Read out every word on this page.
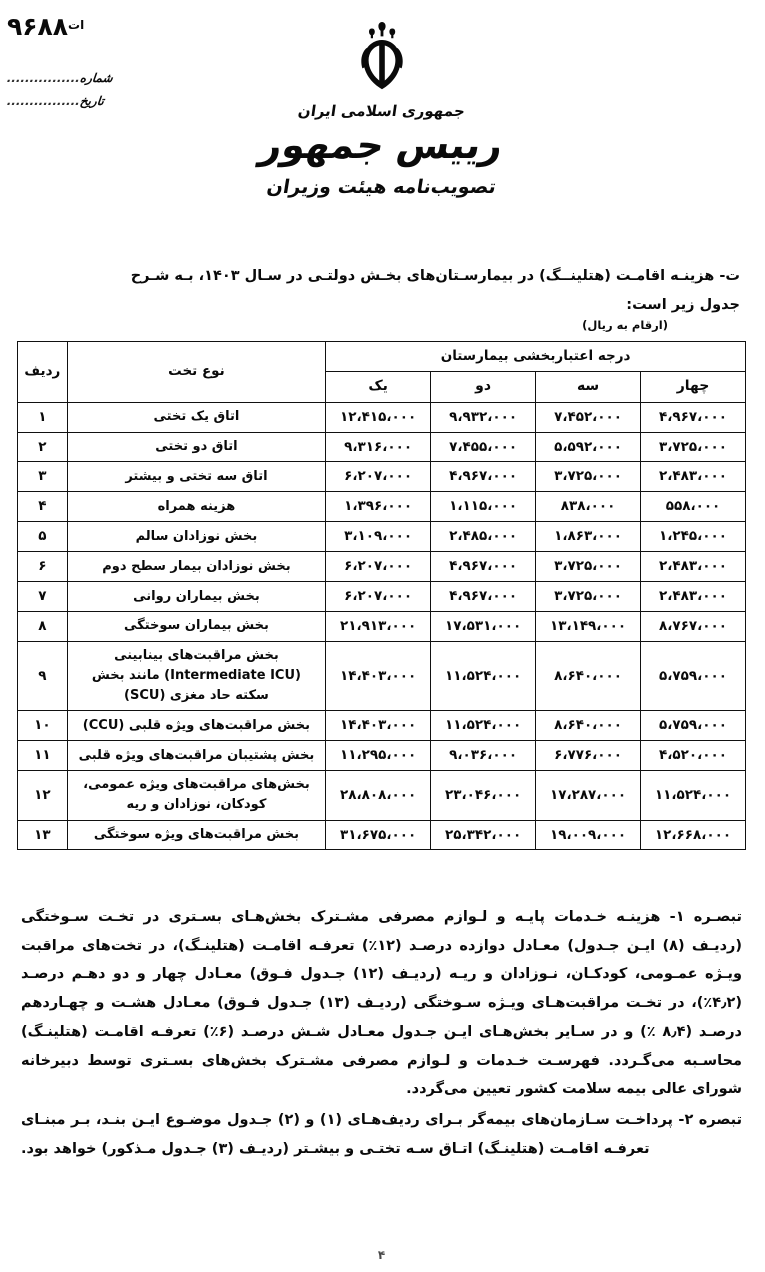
$^{ات}$۹۶۸۸
شماره................
تاریخ................
جمهوری اسلامی ایران
رییس جمهور
تصویب‌نامه هیئت وزیران
ت- هزینـه اقامـت (هتلینــگ) در بیمارسـتان‌های بخـش دولتـی در سـال ۱۴۰۳، بـه شـرح
جدول زیر است:
(ارقام به ریال)
درجه اعتباربخشی بیمارستان				نوع تخت	ردیف
چهار	سه	دو	یک		
۴،۹۶۷،۰۰۰	۷،۴۵۲،۰۰۰	۹،۹۳۲،۰۰۰	۱۲،۴۱۵،۰۰۰	اتاق یک تختی	۱
۳،۷۲۵،۰۰۰	۵،۵۹۲،۰۰۰	۷،۴۵۵،۰۰۰	۹،۳۱۶،۰۰۰	اتاق دو تختی	۲
۲،۴۸۳،۰۰۰	۳،۷۲۵،۰۰۰	۴،۹۶۷،۰۰۰	۶،۲۰۷،۰۰۰	اتاق سه تختی و بیشتر	۳
۵۵۸،۰۰۰	۸۳۸،۰۰۰	۱،۱۱۵،۰۰۰	۱،۳۹۶،۰۰۰	هزینه همراه	۴
۱،۲۴۵،۰۰۰	۱،۸۶۳،۰۰۰	۲،۴۸۵،۰۰۰	۳،۱۰۹،۰۰۰	بخش نوزادان سالم	۵
۲،۴۸۳،۰۰۰	۳،۷۲۵،۰۰۰	۴،۹۶۷،۰۰۰	۶،۲۰۷،۰۰۰	بخش نوزادان بیمار سطح دوم	۶
۲،۴۸۳،۰۰۰	۳،۷۲۵،۰۰۰	۴،۹۶۷،۰۰۰	۶،۲۰۷،۰۰۰	بخش بیماران روانی	۷
۸،۷۶۷،۰۰۰	۱۳،۱۴۹،۰۰۰	۱۷،۵۳۱،۰۰۰	۲۱،۹۱۳،۰۰۰	بخش بیماران سوختگی	۸
۵،۷۵۹،۰۰۰	۸،۶۴۰،۰۰۰	۱۱،۵۲۴،۰۰۰	۱۴،۴۰۳،۰۰۰	بخش مراقبت‌های بینابینی (Intermediate ICU) مانند بخش سکته حاد مغزی (SCU)	۹
۵،۷۵۹،۰۰۰	۸،۶۴۰،۰۰۰	۱۱،۵۲۴،۰۰۰	۱۴،۴۰۳،۰۰۰	بخش مراقبت‌های ویژه قلبی (CCU)	۱۰
۴،۵۲۰،۰۰۰	۶،۷۷۶،۰۰۰	۹،۰۳۶،۰۰۰	۱۱،۲۹۵،۰۰۰	بخش پشتیبان مراقبت‌های ویژه قلبی	۱۱
۱۱،۵۲۴،۰۰۰	۱۷،۲۸۷،۰۰۰	۲۳،۰۴۶،۰۰۰	۲۸،۸۰۸،۰۰۰	بخش‌های مراقبت‌های ویژه عمومی، کودکان، نوزادان و ریه	۱۲
۱۲،۶۶۸،۰۰۰	۱۹،۰۰۹،۰۰۰	۲۵،۳۴۲،۰۰۰	۳۱،۶۷۵،۰۰۰	بخش مراقبت‌های ویژه سوختگی	۱۳

تبصـره ۱- هزینـه خـدمات پایـه و لـوازم مصرفی مشـترک بخش‌هـای بسـتری در تخـت سـوختگی (ردیـف (۸) ایـن جـدول) معـادل دوازده درصـد (۱۲٪) تعرفـه اقامـت (هتلینـگ)، در تخت‌های مراقبت ویـژه عمـومی، کودکـان، نـوزادان و ریـه (ردیـف (۱۲) جـدول فـوق) معـادل چهار و دو دهـم درصـد (۴٫۲٪)، در تخـت مراقبت‌هـای ویـژه سـوختگی (ردیـف (۱۳) جـدول فـوق) معـادل هشـت و چهـاردهم درصـد (۸٫۴ ٪) و در سـایر بخش‌هـای ایـن جـدول معـادل شـش درصـد (۶٪) تعرفـه اقامـت (هتلینـگ) محاسـبه می‌گـردد. فهرسـت خـدمات و لـوازم مصرفی مشـترک بخش‌های بسـتری توسط دبیرخانه شورای عالی بیمه سلامت کشور تعیین می‌گردد.

تبصره ۲- پرداخـت سـازمان‌های بیمه‌گر بـرای ردیف‌هـای (۱) و (۲) جـدول موضـوع ایـن بنـد، بـر مبنـای تعرفـه اقامـت (هتلینـگ) اتـاق سـه تختـی و بیشـتر (ردیـف (۳) جـدول مـذکور) خواهد بود.

۴
